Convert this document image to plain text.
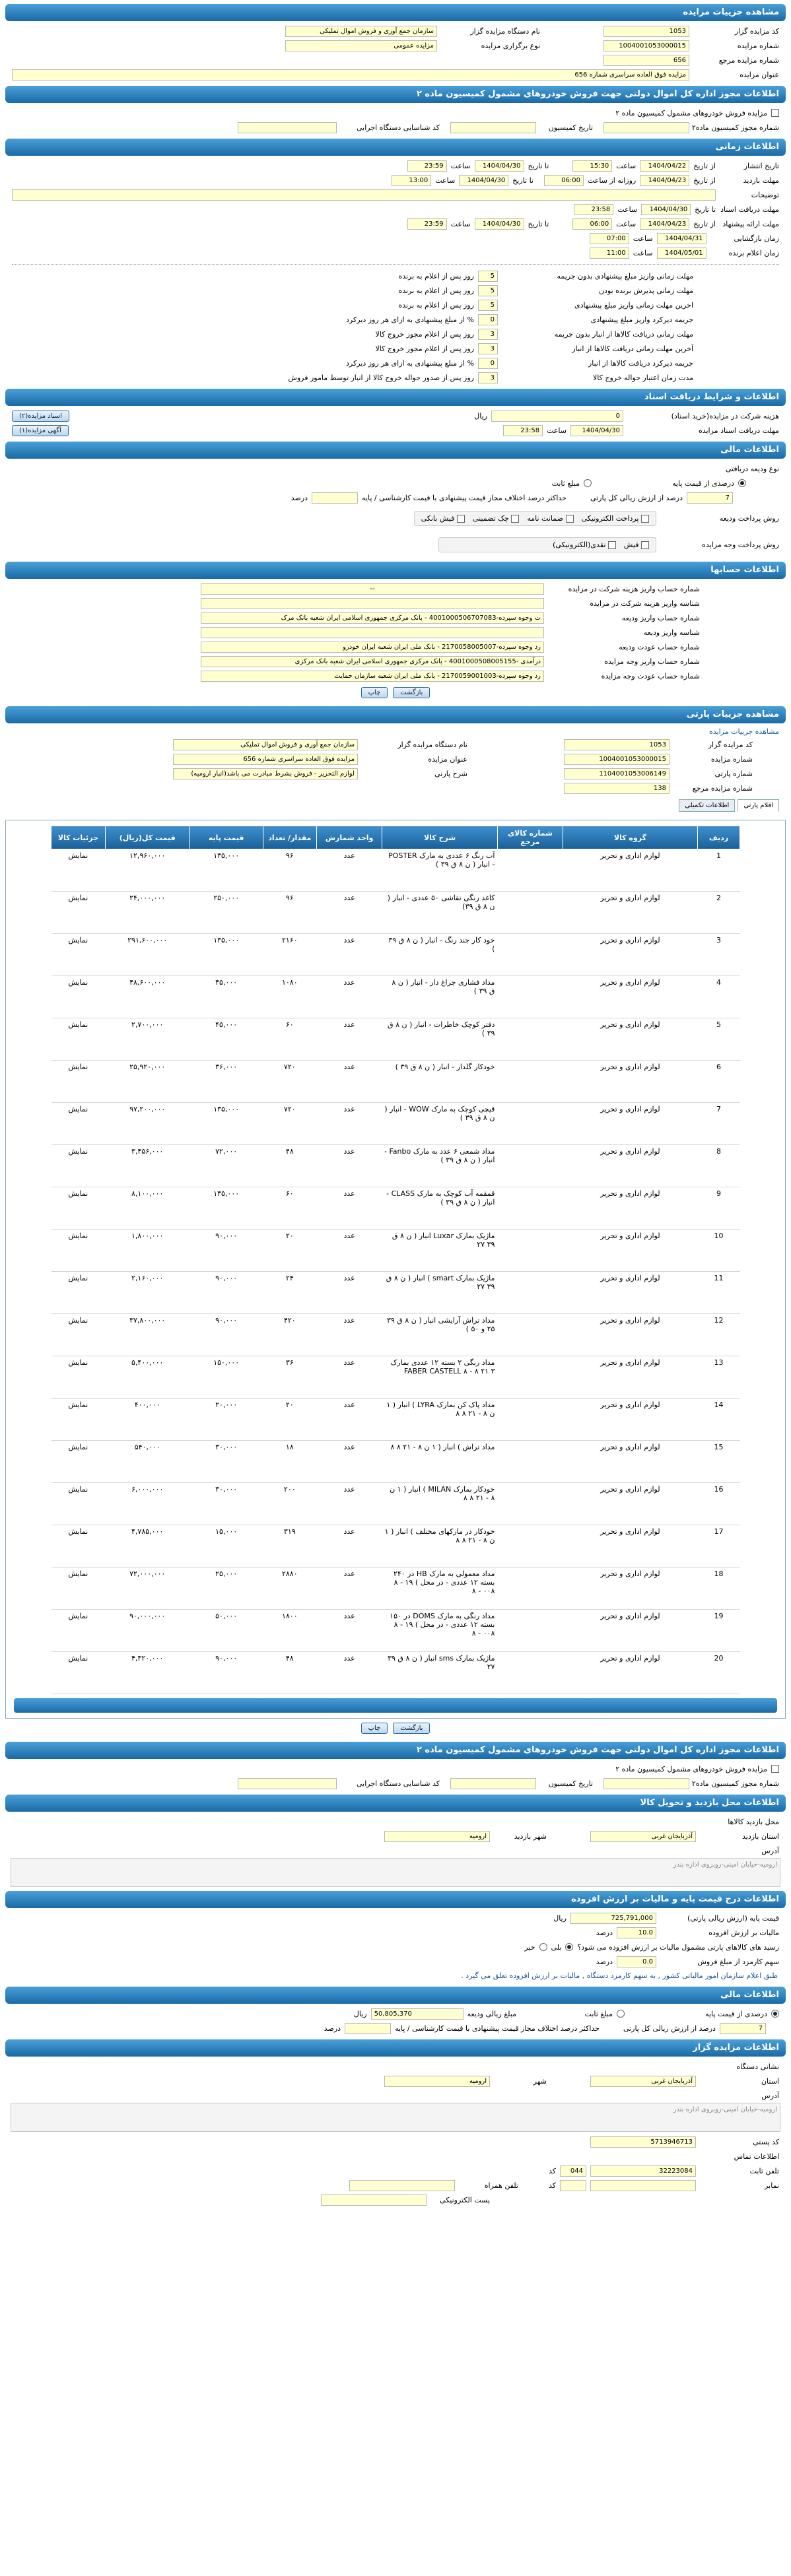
مشاهده جزییات مزایده
کد مزایده گزار
1053
نام دستگاه مزایده گزار
سازمان جمع آوری و فروش اموال تملیکی
شماره مزایده
1004001053000015
نوع برگزاری مزایده
مزایده عمومی
شماره مزایده مرجع
656
عنوان مزایده
مزایده فوق العاده سراسری شماره 656
اطلاعات مجوز اداره کل اموال دولتی جهت فروش خودروهای مشمول کمیسیون ماده ۲
مزایده فروش خودروهای مشمول کمیسیون ماده ۲
شماره مجوز کمیسیون ماده۲
تاریخ کمیسیون
کد شناسایی دستگاه اجرایی
اطلاعات زمانی
تاریخ انتشار
از تاریخ
1404/04/22
ساعت
15:30
تا تاریخ
1404/04/30
ساعت
23:59
مهلت بازدید
از تاریخ
1404/04/23
روزانه از ساعت
06:00
تا تاریخ
1404/04/30
ساعت
13:00
توضیحات
مهلت دریافت اسناد
تا تاریخ
1404/04/30
ساعت
23:58
مهلت ارائه پیشنهاد
از تاریخ
1404/04/23
ساعت
06:00
تا تاریخ
1404/04/30
ساعت
23:59
زمان بازگشایی
1404/04/31
ساعت
07:00
زمان اعلام برنده
1404/05/01
ساعت
11:00
مهلت زمانی واریز مبلغ پیشنهادی بدون جریمه
5
روز پس از اعلام به برنده
مهلت زمانی پذیرش برنده بودن
5
روز پس از اعلام به برنده
اخرین مهلت زمانی واریز مبلغ پیشنهادی
5
روز پس از اعلام به برنده
جریمه دیرکرد واریز مبلغ پیشنهادی
0
% از مبلغ پیشنهادی به ازای هر روز دیرکرد
مهلت زمانی دریافت کالاها از انبار بدون جریمه
3
روز پس از اعلام مجوز خروج کالا
آخرین مهلت زمانی دریافت کالاها از انبار
3
روز پس از اعلام مجوز خروج کالا
جریمه دیرکرد دریافت کالاها از انبار
0
% از مبلغ پیشنهادی به ازای هر روز دیرکرد
مدت زمان اعتبار حواله خروج کالا
3
روز پس از صدور حواله خروج کالا از انبار توسط مامور فروش
اطلاعات و شرایط دریافت اسناد
هزینه شرکت در مزایده(خرید اسناد)
0
ریال
اسناد مزایده(۲)
مهلت دریافت اسناد مزایده
1404/04/30
ساعت
23:58
آگهی مزایده(۱)
اطلاعات مالی
نوع ودیعه دریافتی
درصدی از قیمت پایه
مبلغ ثابت
7
درصد از ارزش ریالی کل پارتی
حداکثر درصد اختلاف مجاز قیمت پیشنهادی با قیمت کارشناسی / پایه
درصد
روش پرداخت ودیعه
پرداخت الکترونیکی
ضمانت نامه
چک تضمینی
فیش بانکی
روش پرداخت وجه مزایده
فیش
نقدی(الکترونیکی)
اطلاعات حسابها
شماره حساب واریز هزینه شرکت در مزایده
--
شناسه واریز هزینه شرکت در مزایده
شماره حساب واریز ودیعه
ت وجوه سپرده-4001000506707083 - بانک مرکزی جمهوری اسلامی ایران شعبه بانک مرک
شناسه واریز ودیعه
شماره حساب عودت ودیعه
رد وجوه سپرده-2170058005007 - بانک ملی ایران شعبه ایران خودرو
شماره حساب واریز وجه مزایده
درآمدی -4001000508005155 - بانک مرکزی جمهوری اسلامی ایران شعبه بانک مرکزی
شماره حساب عودت وجه مزایده
رد وجوه سپرده-2170059001003 - بانک ملی ایران شعبه سازمان حمایت
بازگشت
چاپ
مشاهده جزییات پارتی
مشاهده جزییات مزایده
کد مزایده گزار
1053
نام دستگاه مزایده گزار
سازمان جمع آوری و فروش اموال تملیکی
شماره مزایده
1004001053000015
عنوان مزایده
مزایده فوق العاده سراسری شماره 656
شماره پارتی
1104001053006149
شرح پارتی
لوازم التحریر - فروش بشرط مبادرت می باشد(انبار ارومیه)
شماره مزایده مرجع
138
اقلام پارتی
اطلاعات تکمیلی
ردیف	گروه کالا	شماره کالای مرجع	شرح کالا	واحد شمارش	مقدار/ تعداد	قیمت پایه	قیمت کل(ریال)	جزئیات کالا
1	لوازم اداری و تحریر		آب رنگ ۶ عددی به مارک POSTER - انبار ( ن ۸ ق ۳۹ )	عدد	۹۶	۱۳۵,۰۰۰	۱۲,۹۶۰,۰۰۰	نمایش
2	لوازم اداری و تحریر		کاغذ رنگی نقاشی ۵۰ عددی - انبار ( ن ۸ ق ۳۹)	عدد	۹۶	۲۵۰,۰۰۰	۲۴,۰۰۰,۰۰۰	نمایش
3	لوازم اداری و تحریر		خود کار جند رنگ - انبار ( ن ۸ ق ۳۹ )	عدد	۲۱۶۰	۱۳۵,۰۰۰	۲۹۱,۶۰۰,۰۰۰	نمایش
4	لوازم اداری و تحریر		مداد فشاری چراغ دار - انبار ( ن ۸ ق ۳۹ )	عدد	۱۰۸۰	۴۵,۰۰۰	۴۸,۶۰۰,۰۰۰	نمایش
5	لوازم اداری و تحریر		دفتر کوچک خاطرات - انبار ( ن ۸ ق ۳۹ )	عدد	۶۰	۴۵,۰۰۰	۲,۷۰۰,۰۰۰	نمایش
6	لوازم اداری و تحریر		خودکار گلدار - انبار ( ن ۸ ق ۳۹ )	عدد	۷۲۰	۳۶,۰۰۰	۲۵,۹۲۰,۰۰۰	نمایش
7	لوازم اداری و تحریر		قیچی کوچک به مارک WOW - انبار ( ن ۸ ق ۳۹ )	عدد	۷۲۰	۱۳۵,۰۰۰	۹۷,۲۰۰,۰۰۰	نمایش
8	لوازم اداری و تحریر		مداد شمعی ۶ عدد به مارک Fanbo - انبار ( ن ۸ ق ۳۹ )	عدد	۴۸	۷۲,۰۰۰	۳,۴۵۶,۰۰۰	نمایش
9	لوازم اداری و تحریر		قمقمه آب کوچک به مارک CLASS - انبار ( ن ۸ ق ۳۹ )	عدد	۶۰	۱۳۵,۰۰۰	۸,۱۰۰,۰۰۰	نمایش
10	لوازم اداری و تحریر		ماژیک بمارک Luxar انبار ( ن ۸ ق ۳۹ ۲۷	عدد	۲۰	۹۰,۰۰۰	۱,۸۰۰,۰۰۰	نمایش
11	لوازم اداری و تحریر		ماژیک بمارک smart ) انبار ( ن ۸ ق ۳۹ ۲۷	عدد	۲۴	۹۰,۰۰۰	۲,۱۶۰,۰۰۰	نمایش
12	لوازم اداری و تحریر		مداد تراش آرایشی انبار ( ن ۸ ق ۳۹ ۲۵ و ۵۰ )	عدد	۴۲۰	۹۰,۰۰۰	۳۷,۸۰۰,۰۰۰	نمایش
13	لوازم اداری و تحریر		مداد رنگی ۲ بسته ۱۲ عددی بمارک FABER CASTELL ۸ - ۸ ۲۱ ۳	عدد	۳۶	۱۵۰,۰۰۰	۵,۴۰۰,۰۰۰	نمایش
14	لوازم اداری و تحریر		مداد پاک کن بمارک LYRA ) انبار ( ۱ ن ۸ - ۲۱ ۸ ۸	عدد	۲۰	۲۰,۰۰۰	۴۰۰,۰۰۰	نمایش
15	لوازم اداری و تحریر		مداد تراش ) انبار ( ۱ ن ۸ - ۲۱ ۸ ۸	عدد	۱۸	۳۰,۰۰۰	۵۴۰,۰۰۰	نمایش
16	لوازم اداری و تحریر		خودکار بمارک MILAN ) انبار ( ۱ ن ۸ - ۲۱ ۸ ۸	عدد	۲۰۰	۳۰,۰۰۰	۶,۰۰۰,۰۰۰	نمایش
17	لوازم اداری و تحریر		خودکار در مارکهای مختلف ) انبار ( ۱ ن ۸ - ۲۱ ۸ ۸	عدد	۳۱۹	۱۵,۰۰۰	۴,۷۸۵,۰۰۰	نمایش
18	لوازم اداری و تحریر		مداد معمولی به مارک HB در ۲۴۰ بسته ۱۲ عددی - در محل ) ۱۹ - ۸ ۰۰۸ - ۸	عدد	۲۸۸۰	۲۵,۰۰۰	۷۲,۰۰۰,۰۰۰	نمایش
19	لوازم اداری و تحریر		مداد رنگی به مارک DOMS در ۱۵۰ بسته ۱۲ عددی - در محل ) ۱۹ - ۸ ۰۰۸ - ۸	عدد	۱۸۰۰	۵۰,۰۰۰	۹۰,۰۰۰,۰۰۰	نمایش
20	لوازم اداری و تحریر		ماژیک بمارک sms انبار ( ن ۸ ق ۳۹ ۲۷	عدد	۴۸	۹۰,۰۰۰	۴,۳۲۰,۰۰۰	نمایش
بازگشت
چاپ
اطلاعات مجوز اداره کل اموال دولتی جهت فروش خودروهای مشمول کمیسیون ماده ۲
مزایده فروش خودروهای مشمول کمیسیون ماده ۲
شماره مجوز کمیسیون ماده۲
تاریخ کمیسیون
کد شناسایی دستگاه اجرایی
اطلاعات محل بازدید و تحویل کالا
محل بازدید کالاها
استان بازدید
آذربایجان غربی
شهر بازدید
ارومیه
آدرس
ارومیه-خیابان امینی-روبروی اداره بندر
اطلاعات درج قیمت پایه و مالیات بر ارزش افزوده
قیمت پایه (ارزش ریالی پارتی)
725,791,000
ریال
مالیات بر ارزش افزوده
10.0
درصد
رسید های کالاهای پارتی مشمول مالیات بر ارزش افزوده می شود؟
بلی
خیر
سهم کارمزد از مبلغ فروش
0.0
درصد
طبق اعلام سازمان امور مالیاتی کشور , به سهم کارمزد دستگاه , مالیات بر ارزش افزوده تعلق می گیرد .
اطلاعات مالی
درصدی از قیمت پایه
مبلغ ثابت
مبلغ ریالی ودیعه
50,805,370
ریال
7
درصد از ارزش ریالی کل پارتی
حداکثر درصد اختلاف مجاز قیمت پیشنهادی با قیمت کارشناسی / پایه
درصد
اطلاعات مزایده گزار
نشانی دستگاه
استان
آذربایجان غربی
شهر
ارومیه
آدرس
ارومیه-خیابان امینی-روبروی اداره بندر
کد پستی
5713946713
اطلاعات تماس
تلفن ثابت
32223084
044
کد
نمابر
کد
تلفن همراه
پست الکترونیکی
